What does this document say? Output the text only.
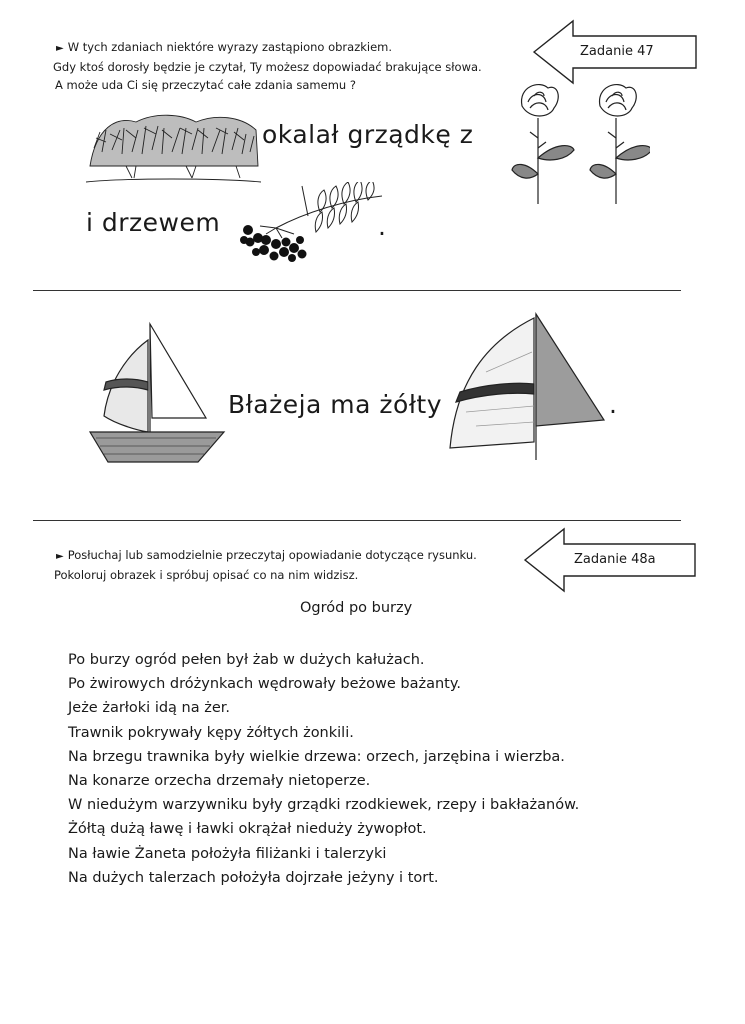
► W tych zdaniach niektóre wyrazy zastąpiono obrazkiem.
Gdy ktoś dorosły będzie je czytał, Ty możesz dopowiadać brakujące słowa.
A może uda Ci się przeczytać całe zdania samemu ?
Zadanie 47
okalał grządkę z
i drzewem	.
Błażeja ma żółty	.
► Posłuchaj lub samodzielnie przeczytaj opowiadanie dotyczące rysunku.
Pokoloruj obrazek i spróbuj opisać co na nim widzisz.
Zadanie 48a
Ogród po burzy
Po burzy ogród pełen był żab w dużych kałużach.
Po żwirowych dróżynkach wędrowały beżowe bażanty.
Jeże żarłoki idą na żer.
Trawnik pokrywały kępy żółtych żonkili.
Na brzegu trawnika były wielkie drzewa: orzech, jarzębina i wierzba.
Na konarze orzecha drzemały nietoperze.
W niedużym warzywniku były grządki rzodkiewek, rzepy i bakłażanów.
Żółtą dużą ławę i ławki okrążał nieduży żywopłot.
Na ławie Żaneta położyła filiżanki i talerzyki
Na dużych talerzach położyła dojrzałe jeżyny i tort.
